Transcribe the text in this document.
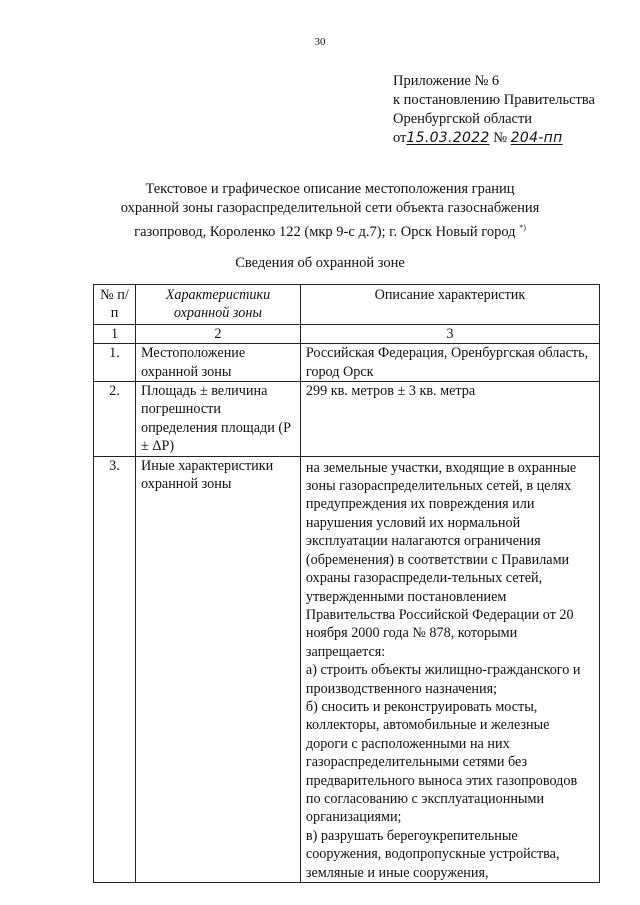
30
Приложение № 6
к постановлению Правительства
Оренбургской области
от15.03.2022 № 204-пп
Текстовое и графическое описание местоположения границ
охранной зоны газораспределительной сети объекта газоснабжения
газопровод, Короленко 122 (мкр 9-с д.7); г. Орск Новый город *)
Сведения об охранной зоне
№ п/п	Характеристики охранной зоны	Описание характеристик
1	2	3
1.	Местоположение охранной зоны	Российская Федерация, Оренбургская область, город Орск
2.	Площадь ± величина погрешности определения площади (P ± ΔP)	299 кв. метров ± 3 кв. метра
3.	Иные характеристики охранной зоны	на земельные участки, входящие в охранные зоны газораспределительных сетей, в целях предупреждения их повреждения или нарушения условий их нормальной эксплуатации налагаются ограничения (обременения) в соответствии с Правилами охраны газораспредели-тельных сетей, утвержденными постановлением Правительства Российской Федерации от 20 ноября 2000 года № 878, которыми запрещается:
а) строить объекты жилищно-гражданского и производственного назначения;
б) сносить и реконструировать мосты, коллекторы, автомобильные и железные дороги с расположенными на них газораспределительными сетями без предварительного выноса этих газопроводов по согласованию с эксплуатационными организациями;
в) разрушать берегоукрепительные сооружения, водопропускные устройства, земляные и иные сооружения,
